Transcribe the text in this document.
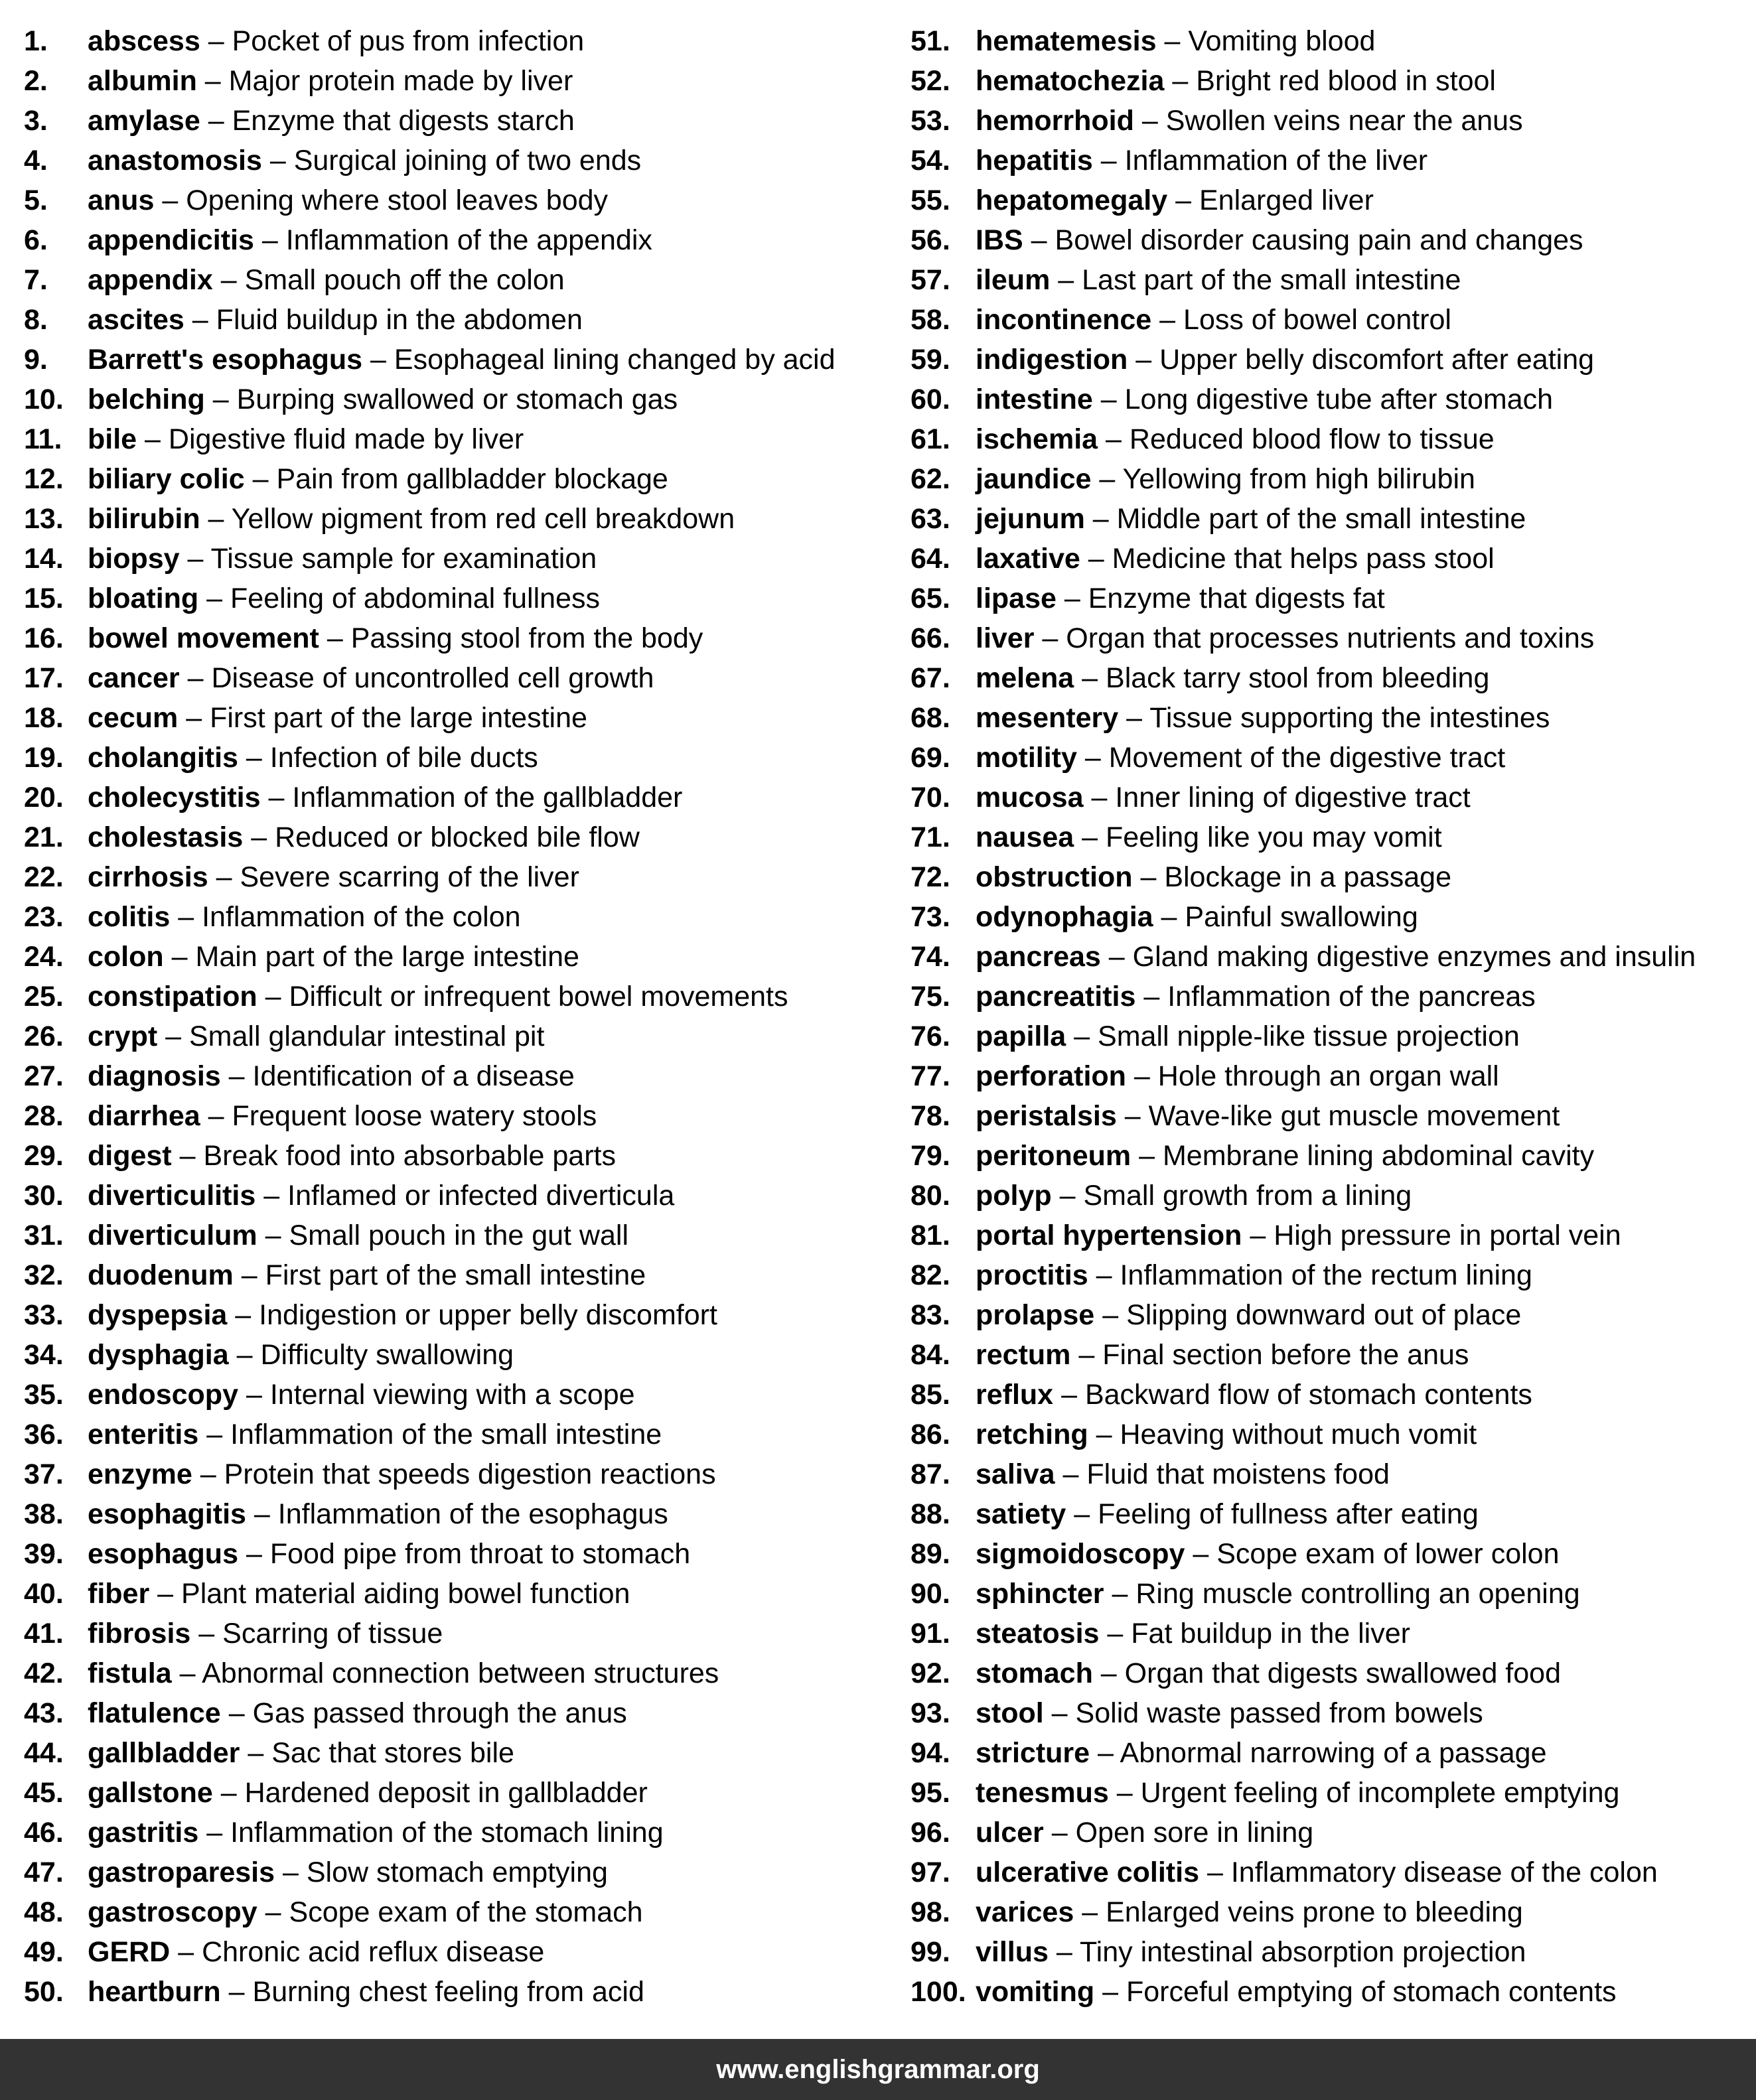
1. abscess – Pocket of pus from infection
2. albumin – Major protein made by liver
3. amylase – Enzyme that digests starch
4. anastomosis – Surgical joining of two ends
5. anus – Opening where stool leaves body
6. appendicitis – Inflammation of the appendix
7. appendix – Small pouch off the colon
8. ascites – Fluid buildup in the abdomen
9. Barrett's esophagus – Esophageal lining changed by acid
10. belching – Burping swallowed or stomach gas
11. bile – Digestive fluid made by liver
12. biliary colic – Pain from gallbladder blockage
13. bilirubin – Yellow pigment from red cell breakdown
14. biopsy – Tissue sample for examination
15. bloating – Feeling of abdominal fullness
16. bowel movement – Passing stool from the body
17. cancer – Disease of uncontrolled cell growth
18. cecum – First part of the large intestine
19. cholangitis – Infection of bile ducts
20. cholecystitis – Inflammation of the gallbladder
21. cholestasis – Reduced or blocked bile flow
22. cirrhosis – Severe scarring of the liver
23. colitis – Inflammation of the colon
24. colon – Main part of the large intestine
25. constipation – Difficult or infrequent bowel movements
26. crypt – Small glandular intestinal pit
27. diagnosis – Identification of a disease
28. diarrhea – Frequent loose watery stools
29. digest – Break food into absorbable parts
30. diverticulitis – Inflamed or infected diverticula
31. diverticulum – Small pouch in the gut wall
32. duodenum – First part of the small intestine
33. dyspepsia – Indigestion or upper belly discomfort
34. dysphagia – Difficulty swallowing
35. endoscopy – Internal viewing with a scope
36. enteritis – Inflammation of the small intestine
37. enzyme – Protein that speeds digestion reactions
38. esophagitis – Inflammation of the esophagus
39. esophagus – Food pipe from throat to stomach
40. fiber – Plant material aiding bowel function
41. fibrosis – Scarring of tissue
42. fistula – Abnormal connection between structures
43. flatulence – Gas passed through the anus
44. gallbladder – Sac that stores bile
45. gallstone – Hardened deposit in gallbladder
46. gastritis – Inflammation of the stomach lining
47. gastroparesis – Slow stomach emptying
48. gastroscopy – Scope exam of the stomach
49. GERD – Chronic acid reflux disease
50. heartburn – Burning chest feeling from acid
51. hematemesis – Vomiting blood
52. hematochezia – Bright red blood in stool
53. hemorrhoid – Swollen veins near the anus
54. hepatitis – Inflammation of the liver
55. hepatomegaly – Enlarged liver
56. IBS – Bowel disorder causing pain and changes
57. ileum – Last part of the small intestine
58. incontinence – Loss of bowel control
59. indigestion – Upper belly discomfort after eating
60. intestine – Long digestive tube after stomach
61. ischemia – Reduced blood flow to tissue
62. jaundice – Yellowing from high bilirubin
63. jejunum – Middle part of the small intestine
64. laxative – Medicine that helps pass stool
65. lipase – Enzyme that digests fat
66. liver – Organ that processes nutrients and toxins
67. melena – Black tarry stool from bleeding
68. mesentery – Tissue supporting the intestines
69. motility – Movement of the digestive tract
70. mucosa – Inner lining of digestive tract
71. nausea – Feeling like you may vomit
72. obstruction – Blockage in a passage
73. odynophagia – Painful swallowing
74. pancreas – Gland making digestive enzymes and insulin
75. pancreatitis – Inflammation of the pancreas
76. papilla – Small nipple-like tissue projection
77. perforation – Hole through an organ wall
78. peristalsis – Wave-like gut muscle movement
79. peritoneum – Membrane lining abdominal cavity
80. polyp – Small growth from a lining
81. portal hypertension – High pressure in portal vein
82. proctitis – Inflammation of the rectum lining
83. prolapse – Slipping downward out of place
84. rectum – Final section before the anus
85. reflux – Backward flow of stomach contents
86. retching – Heaving without much vomit
87. saliva – Fluid that moistens food
88. satiety – Feeling of fullness after eating
89. sigmoidoscopy – Scope exam of lower colon
90. sphincter – Ring muscle controlling an opening
91. steatosis – Fat buildup in the liver
92. stomach – Organ that digests swallowed food
93. stool – Solid waste passed from bowels
94. stricture – Abnormal narrowing of a passage
95. tenesmus – Urgent feeling of incomplete emptying
96. ulcer – Open sore in lining
97. ulcerative colitis – Inflammatory disease of the colon
98. varices – Enlarged veins prone to bleeding
99. villus – Tiny intestinal absorption projection
100. vomiting – Forceful emptying of stomach contents
www.englishgrammar.org
